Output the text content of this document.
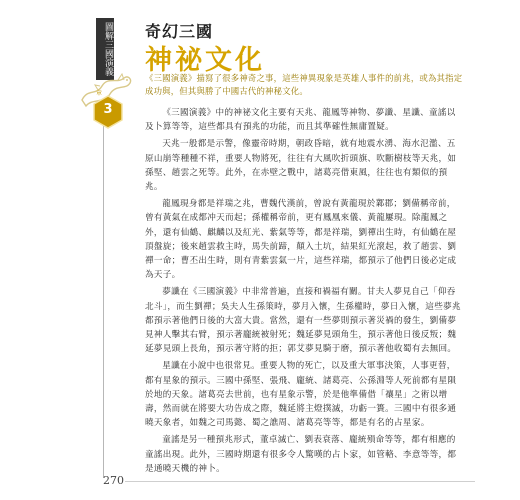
圖解三國演義
章
3
奇幻三國
神祕文化
《三國演義》描寫了很多神奇之事，這些神異現象是英雄人事件的前兆，或為其指定成功與，但其與勝了中國古代的神秘文化。

《三國演義》中的神祕文化主要有天兆、龍鳳等神物、夢讖、星讖、童謠以及卜算等等，這些都具有預兆的功能，而且其準確性無庸置疑。

天兆一般都是示警，像靈帝時期，朝政昏暗，就有地震水湧、海水氾濫、五原山崩等種種不祥，重要人物將死，往往有大風吹折頭旗、吹斷樹枝等天兆，如孫堅、趙雲之死等。此外，在赤壁之戰中，諸葛亮借東風，往往也有類似的預兆。

龍鳳現身都是祥瑞之兆，曹魏代漢前，曾說有黃龍現於鄴郡；劉備稱帝前，曾有黃氣在成都冲天而起；孫權稱帝前，更有鳳凰來儀、黃龍屢現。除龍鳳之外，還有仙鶴、麒麟以及紅光、紫氣等等，都是祥瑞，劉禪出生時，有仙鶴在屋頂盤旋；後來趙雲救主時，馬失前蹄，顛入土坑，結果紅光滾起，救了趙雲、劉禪一命；曹丕出生時，則有青紫雲氣一片，這些祥瑞，都預示了他們日後必定成為天子。

夢讖在《三國演義》中非常普遍，直接和禍福有關。甘夫人夢見自己「仰吞北斗」，而生劉禪；吳夫人生孫策時，夢月入懷，生孫權時，夢日入懷，這些夢兆都預示著他們日後的大富大貴。當然，還有一些夢則預示著災禍的發生，劉備夢見神人擊其右臂，預示著龐統被射死；魏延夢見頭角生，預示著他日後反叛；魏延夢見頭上長角，預示著守將的拒；郭艾夢見騎于磨，預示著他收蜀有去無回。

星讖在小說中也很常見。重要人物的死亡，以及重大軍事決策，人事更替，都有星象的預示。三國中孫堅、張飛、龐統、諸葛亮、公孫淵等人死前都有星隕於地的天象。諸葛亮去世前，也有星象示警，於是他準備借「禳星」之術以增壽，然而就在將要大功告成之際，魏延將主燈撲滅，功虧一簣。三國中有很多通曉天象者，如魏之司馬懿、蜀之譙周、諸葛亮等等，都是有名的占星家。

童謠是另一種預兆形式，董卓滅亡、劉表衰落、龐統殞命等等，都有相應的童謠出現。此外，三國時期還有很多令人驚嘆的占卜家，如管輅、李意等等，都是通曉天機的神卜。

270
